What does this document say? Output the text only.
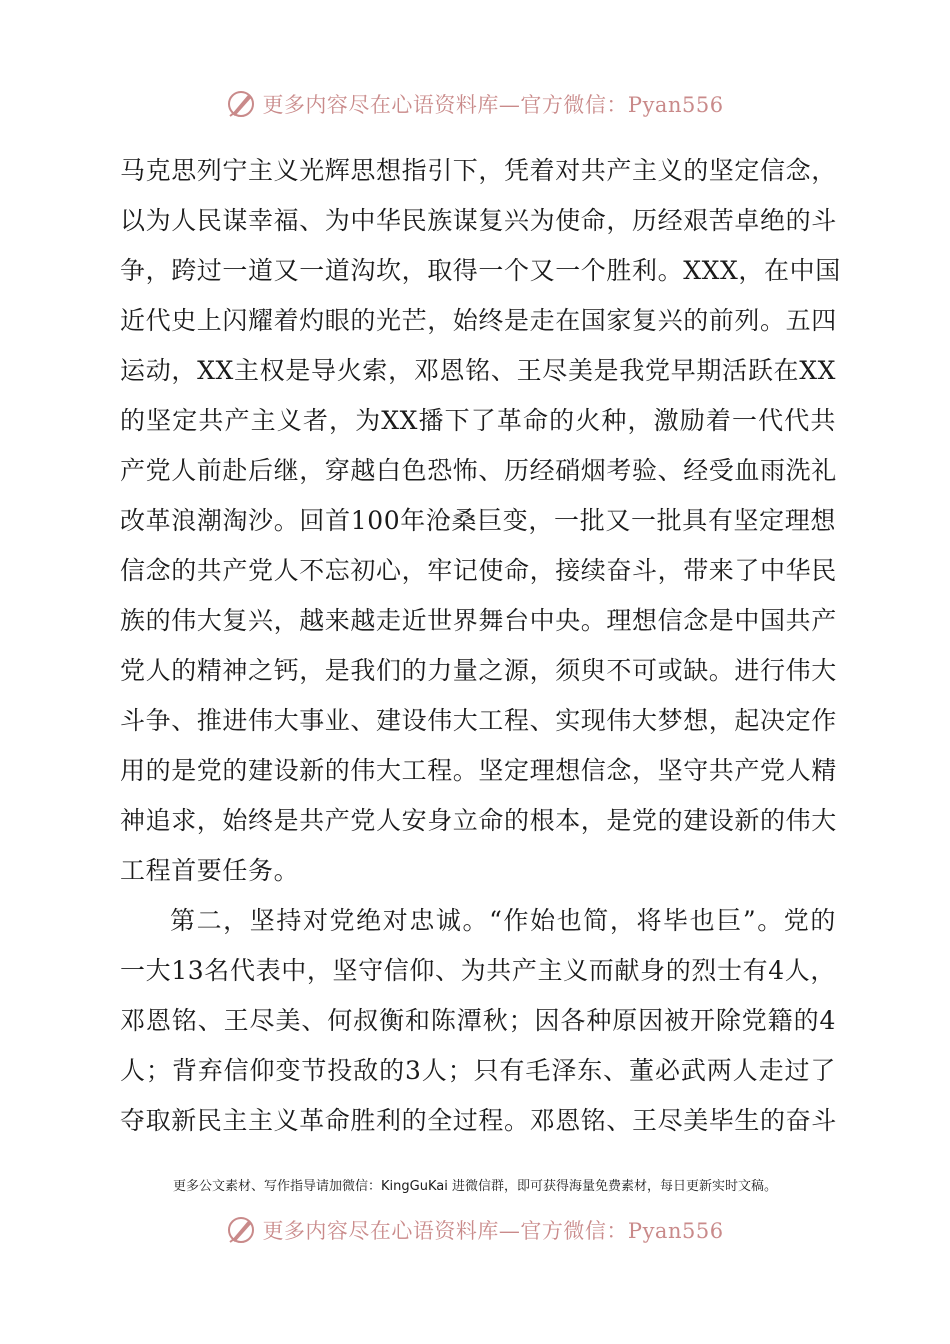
更多内容尽在心语资料库—官方微信：Pyan556
马克思列宁主义光辉思想指引下，凭着对共产主义的坚定信念，
以为人民谋幸福、为中华民族谋复兴为使命，历经艰苦卓绝的斗
争，跨过一道又一道沟坎，取得一个又一个胜利。XXX，在中国
近代史上闪耀着灼眼的光芒，始终是走在国家复兴的前列。五四
运动，XX主权是导火索，邓恩铭、王尽美是我党早期活跃在XX
的坚定共产主义者，为XX播下了革命的火种，激励着一代代共
产党人前赴后继，穿越白色恐怖、历经硝烟考验、经受血雨洗礼
改革浪潮淘沙。回首100年沧桑巨变，一批又一批具有坚定理想
信念的共产党人不忘初心，牢记使命，接续奋斗，带来了中华民
族的伟大复兴，越来越走近世界舞台中央。理想信念是中国共产
党人的精神之钙，是我们的力量之源，须臾不可或缺。进行伟大
斗争、推进伟大事业、建设伟大工程、实现伟大梦想，起决定作
用的是党的建设新的伟大工程。坚定理想信念，坚守共产党人精
神追求，始终是共产党人安身立命的根本，是党的建设新的伟大
工程首要任务。
第二，坚持对党绝对忠诚。“作始也简，将毕也巨”。党的
一大13名代表中，坚守信仰、为共产主义而献身的烈士有4人，
邓恩铭、王尽美、何叔衡和陈潭秋；因各种原因被开除党籍的4
人；背弃信仰变节投敌的3人；只有毛泽东、董必武两人走过了
夺取新民主主义革命胜利的全过程。邓恩铭、王尽美毕生的奋斗
更多公文素材、写作指导请加微信：KingGuKai 进微信群，即可获得海量免费素材，每日更新实时文稿。
更多内容尽在心语资料库—官方微信：Pyan556
